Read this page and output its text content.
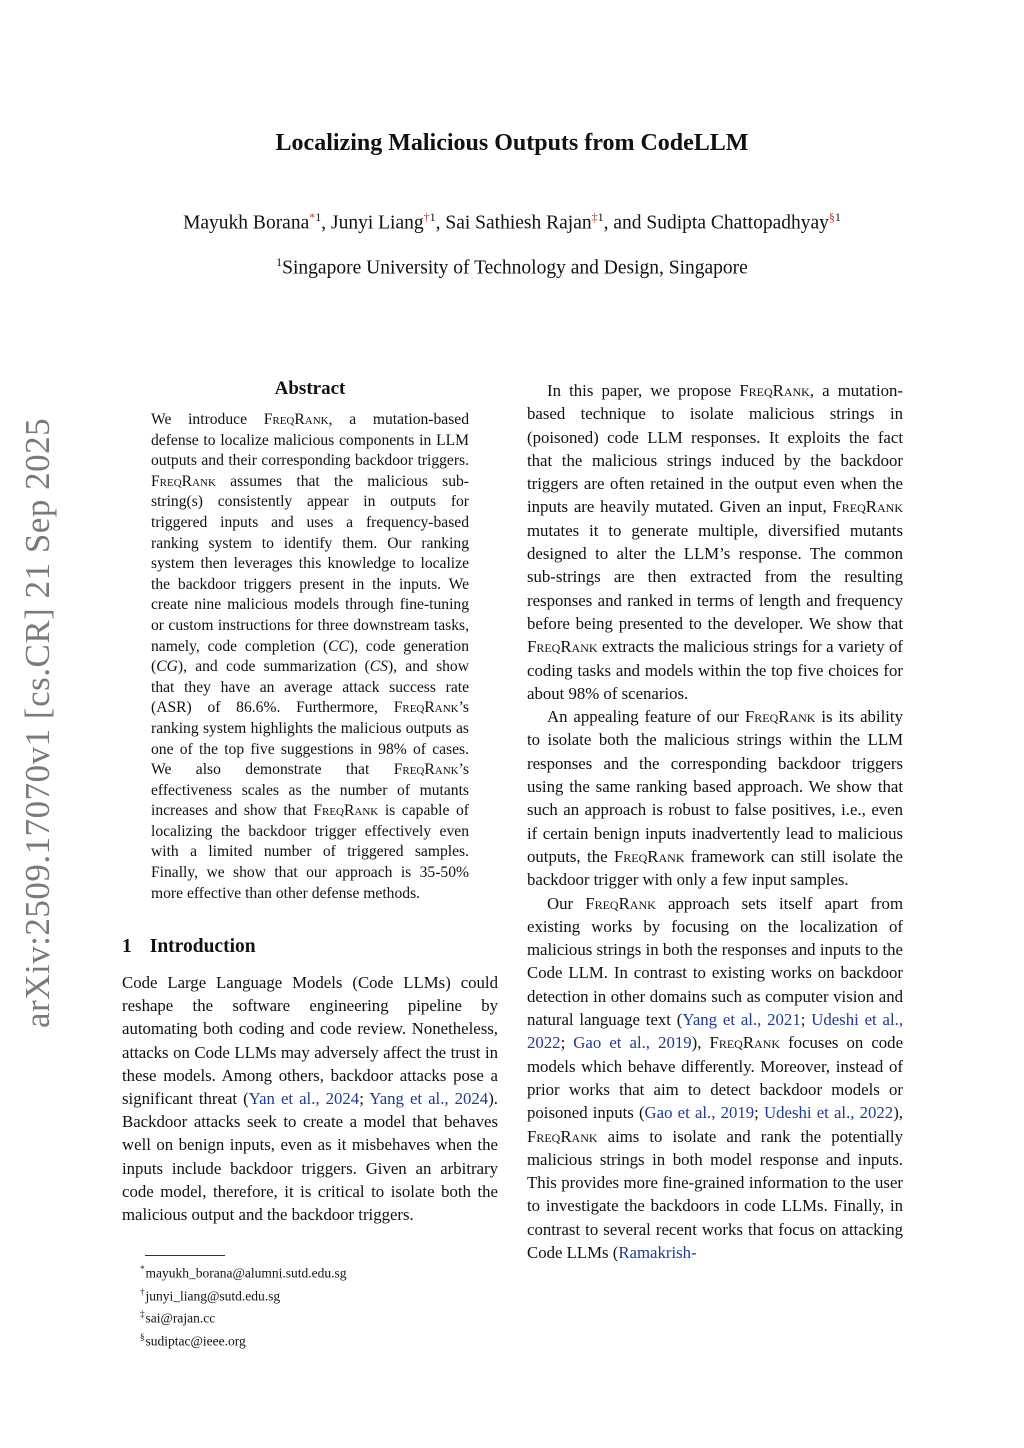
Localizing Malicious Outputs from CodeLLM
Mayukh Borana$^{*1}$, Junyi Liang$^{\dagger 1}$, Sai Sathiesh Rajan$^{\ddagger 1}$, and Sudipta Chattopadhyay$^{\S 1}$
$^1$Singapore University of Technology and Design, Singapore
arXiv:2509.17070v1 [cs.CR] 21 Sep 2025
Abstract
We introduce FreqRank, a mutation-based defense to localize malicious components in LLM outputs and their corresponding backdoor triggers. FreqRank assumes that the malicious sub-string(s) consistently appear in outputs for triggered inputs and uses a frequency-based ranking system to identify them. Our ranking system then leverages this knowledge to localize the backdoor triggers present in the inputs. We create nine malicious models through fine-tuning or custom instructions for three downstream tasks, namely, code completion (CC), code generation (CG), and code summarization (CS), and show that they have an average attack success rate (ASR) of 86.6%. Furthermore, FreqRank’s ranking system highlights the malicious outputs as one of the top five suggestions in 98% of cases. We also demonstrate that FreqRank’s effectiveness scales as the number of mutants increases and show that FreqRank is capable of localizing the backdoor trigger effectively even with a limited number of triggered samples. Finally, we show that our approach is 35-50% more effective than other defense methods.
1 Introduction

Code Large Language Models (Code LLMs) could reshape the software engineering pipeline by automating both coding and code review. Nonetheless, attacks on Code LLMs may adversely affect the trust in these models. Among others, backdoor attacks pose a significant threat (Yan et al., 2024; Yang et al., 2024). Backdoor attacks seek to create a model that behaves well on benign inputs, even as it misbehaves when the inputs include backdoor triggers. Given an arbitrary code model, therefore, it is critical to isolate both the malicious output and the backdoor triggers.

*mayukh_borana@alumni.sutd.edu.sg
†junyi_liang@sutd.edu.sg
‡sai@rajan.cc
§sudiptac@ieee.org

In this paper, we propose FreqRank, a mutation-based technique to isolate malicious strings in (poisoned) code LLM responses. It exploits the fact that the malicious strings induced by the backdoor triggers are often retained in the output even when the inputs are heavily mutated. Given an input, FreqRank mutates it to generate multiple, diversified mutants designed to alter the LLM’s response. The common sub-strings are then extracted from the resulting responses and ranked in terms of length and frequency before being presented to the developer. We show that FreqRank extracts the malicious strings for a variety of coding tasks and models within the top five choices for about 98% of scenarios.

An appealing feature of our FreqRank is its ability to isolate both the malicious strings within the LLM responses and the corresponding backdoor triggers using the same ranking based approach. We show that such an approach is robust to false positives, i.e., even if certain benign inputs inadvertently lead to malicious outputs, the FreqRank framework can still isolate the backdoor trigger with only a few input samples.

Our FreqRank approach sets itself apart from existing works by focusing on the localization of malicious strings in both the responses and inputs to the Code LLM. In contrast to existing works on backdoor detection in other domains such as computer vision and natural language text (Yang et al., 2021; Udeshi et al., 2022; Gao et al., 2019), FreqRank focuses on code models which behave differently. Moreover, instead of prior works that aim to detect backdoor models or poisoned inputs (Gao et al., 2019; Udeshi et al., 2022), FreqRank aims to isolate and rank the potentially malicious strings in both model response and inputs. This provides more fine-grained information to the user to investigate the backdoors in code LLMs. Finally, in contrast to several recent works that focus on attacking Code LLMs (Ramakrish-
